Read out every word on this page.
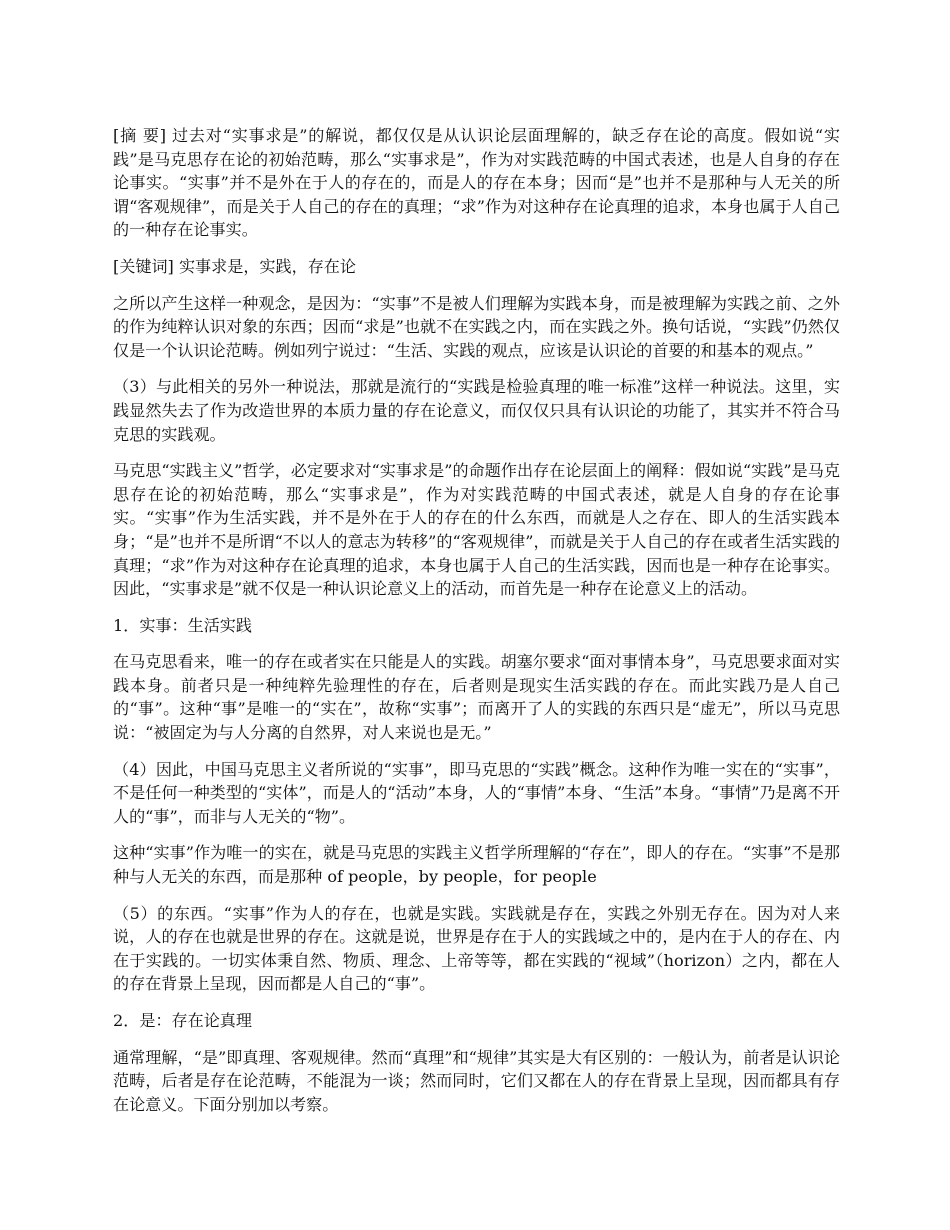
[摘 要] 过去对“实事求是”的解说，都仅仅是从认识论层面理解的，缺乏存在论的高度。假如说“实践”是马克思存在论的初始范畴，那么“实事求是”，作为对实践范畴的中国式表述，也是人自身的存在论事实。“实事”并不是外在于人的存在的，而是人的存在本身；因而“是”也并不是那种与人无关的所谓“客观规律”，而是关于人自己的存在的真理；“求”作为对这种存在论真理的追求，本身也属于人自己的一种存在论事实。

[关键词] 实事求是，实践，存在论

之所以产生这样一种观念，是因为：“实事”不是被人们理解为实践本身，而是被理解为实践之前、之外的作为纯粹认识对象的东西；因而“求是”也就不在实践之内，而在实践之外。换句话说，“实践”仍然仅仅是一个认识论范畴。例如列宁说过：“生活、实践的观点，应该是认识论的首要的和基本的观点。”

（3）与此相关的另外一种说法，那就是流行的“实践是检验真理的唯一标准”这样一种说法。这里，实践显然失去了作为改造世界的本质力量的存在论意义，而仅仅只具有认识论的功能了，其实并不符合马克思的实践观。

马克思“实践主义”哲学，必定要求对“实事求是”的命题作出存在论层面上的阐释：假如说“实践”是马克思存在论的初始范畴，那么“实事求是”，作为对实践范畴的中国式表述，就是人自身的存在论事实。“实事”作为生活实践，并不是外在于人的存在的什么东西，而就是人之存在、即人的生活实践本身；“是”也并不是所谓“不以人的意志为转移”的“客观规律”，而就是关于人自己的存在或者生活实践的真理；“求”作为对这种存在论真理的追求，本身也属于人自己的生活实践，因而也是一种存在论事实。因此，“实事求是”就不仅是一种认识论意义上的活动，而首先是一种存在论意义上的活动。

1．实事：生活实践

在马克思看来，唯一的存在或者实在只能是人的实践。胡塞尔要求“面对事情本身”，马克思要求面对实践本身。前者只是一种纯粹先验理性的存在，后者则是现实生活实践的存在。而此实践乃是人自己的“事”。这种“事”是唯一的“实在”，故称“实事”；而离开了人的实践的东西只是“虚无”，所以马克思说：“被固定为与人分离的自然界，对人来说也是无。”

（4）因此，中国马克思主义者所说的“实事”，即马克思的“实践”概念。这种作为唯一实在的“实事”，不是任何一种类型的“实体”，而是人的“活动”本身，人的“事情”本身、“生活”本身。“事情”乃是离不开人的“事”，而非与人无关的“物”。

这种“实事”作为唯一的实在，就是马克思的实践主义哲学所理解的“存在”，即人的存在。“实事”不是那种与人无关的东西，而是那种 of people，by people，for people

（5）的东西。“实事”作为人的存在，也就是实践。实践就是存在，实践之外别无存在。因为对人来说，人的存在也就是世界的存在。这就是说，世界是存在于人的实践域之中的，是内在于人的存在、内在于实践的。一切实体秉自然、物质、理念、上帝等等，都在实践的“视域”（horizon）之内，都在人的存在背景上呈现，因而都是人自己的“事”。

2．是：存在论真理

通常理解，“是”即真理、客观规律。然而“真理”和“规律”其实是大有区别的：一般认为，前者是认识论范畴，后者是存在论范畴，不能混为一谈；然而同时，它们又都在人的存在背景上呈现，因而都具有存在论意义。下面分别加以考察。
